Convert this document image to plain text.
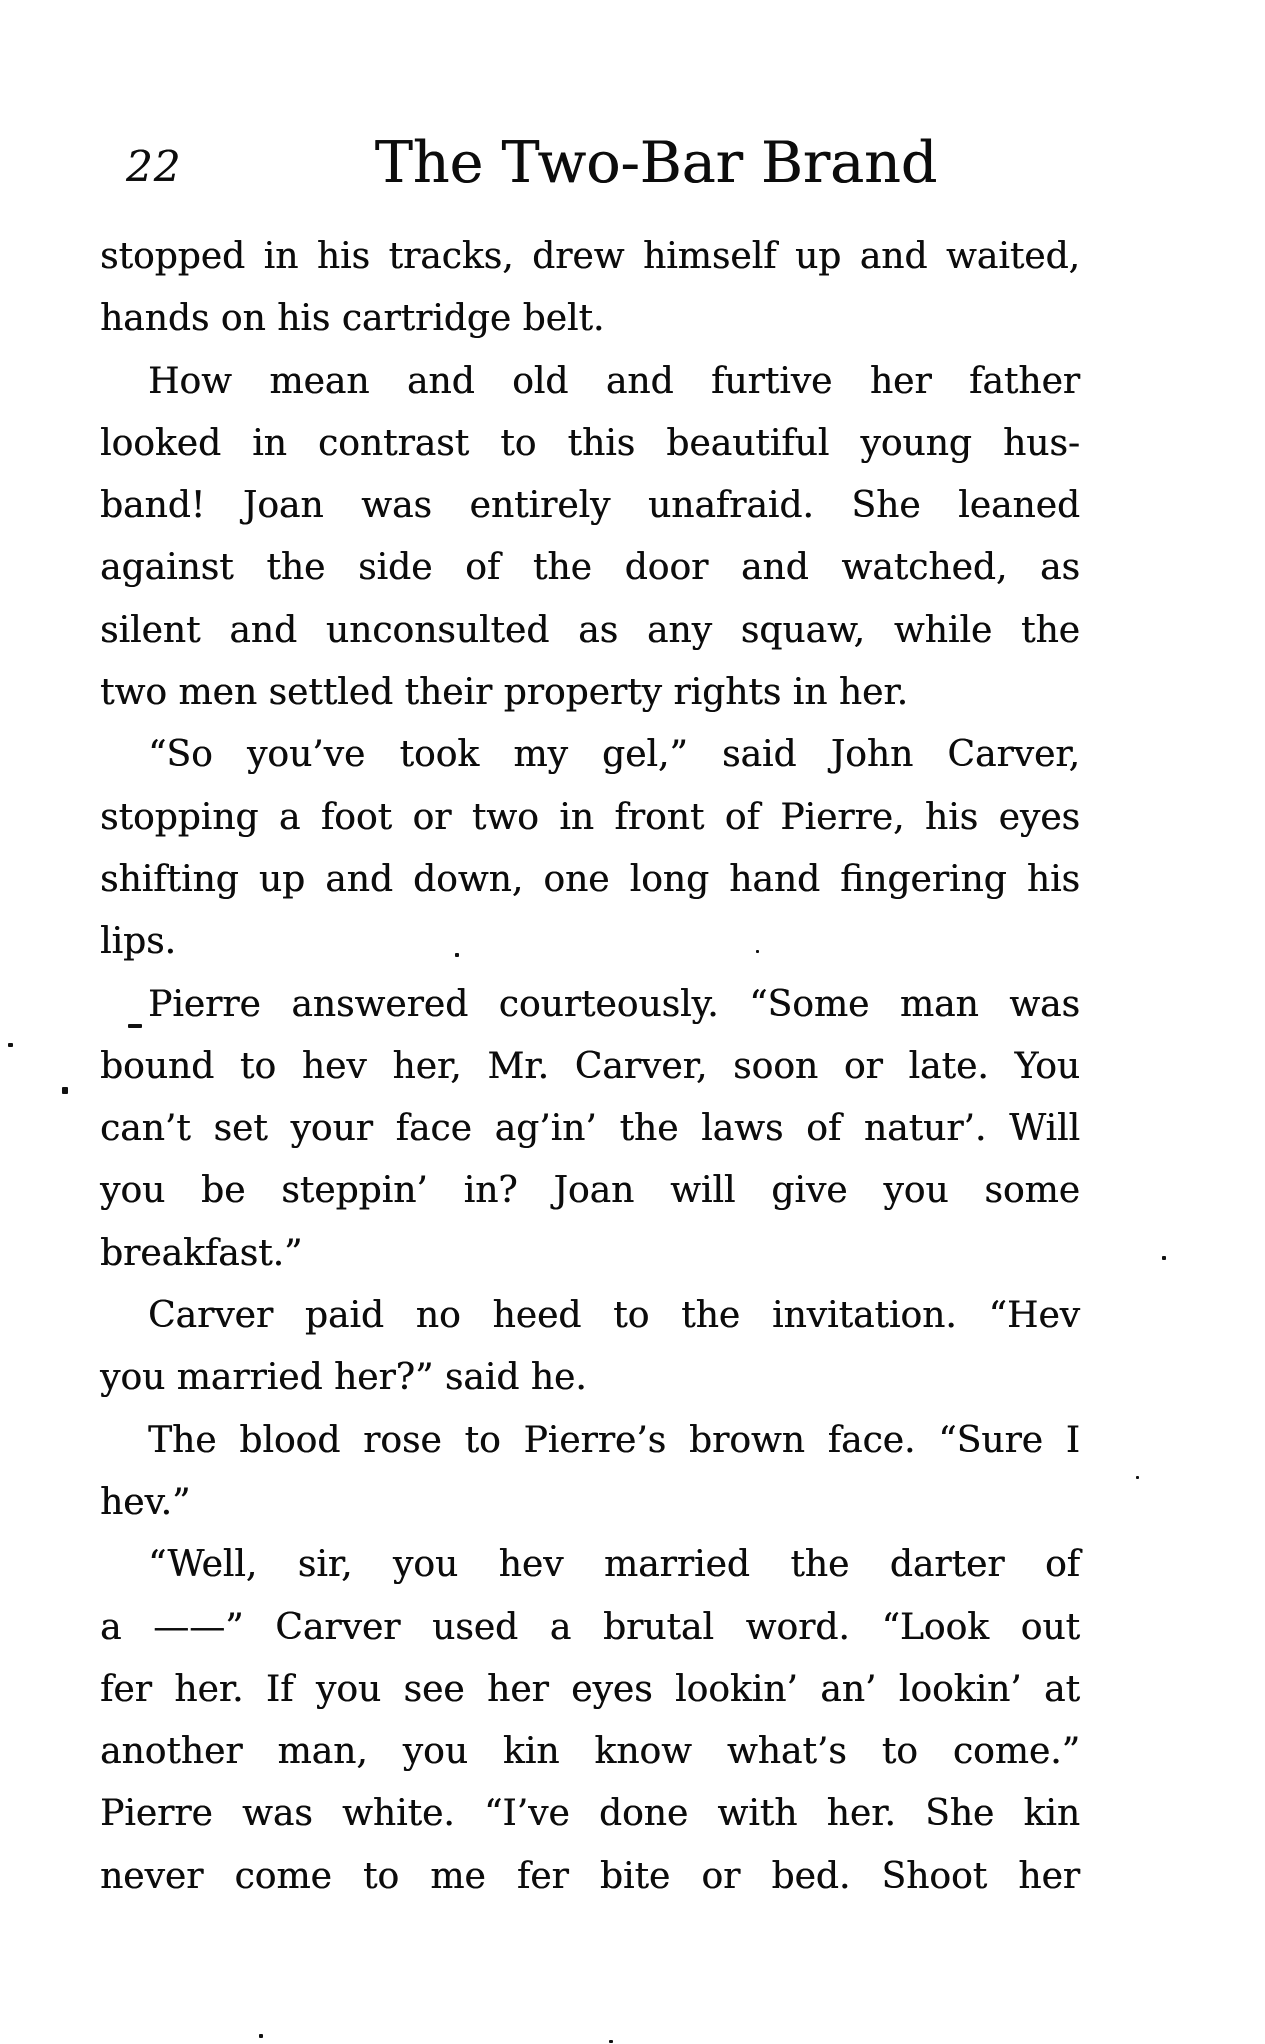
22	The Two-Bar Brand
stopped in his tracks, drew himself up and waited,
hands on his cartridge belt.
How mean and old and furtive her father
looked in contrast to this beautiful young hus-
band! Joan was entirely unafraid. She leaned
against the side of the door and watched, as
silent and unconsulted as any squaw, while the
two men settled their property rights in her.
“So you’ve took my gel,” said John Carver,
stopping a foot or two in front of Pierre, his eyes
shifting up and down, one long hand fingering his
lips.
Pierre answered courteously. “Some man was
bound to hev her, Mr. Carver, soon or late. You
can’t set your face ag’in’ the laws of natur’. Will
you be steppin’ in? Joan will give you some
breakfast.”
Carver paid no heed to the invitation. “Hev
you married her?” said he.
The blood rose to Pierre’s brown face. “Sure I
hev.”
“Well, sir, you hev married the darter of
a ——” Carver used a brutal word. “Look out
fer her. If you see her eyes lookin’ an’ lookin’ at
another man, you kin know what’s to come.”
Pierre was white. “I’ve done with her. She kin
never come to me fer bite or bed. Shoot her
